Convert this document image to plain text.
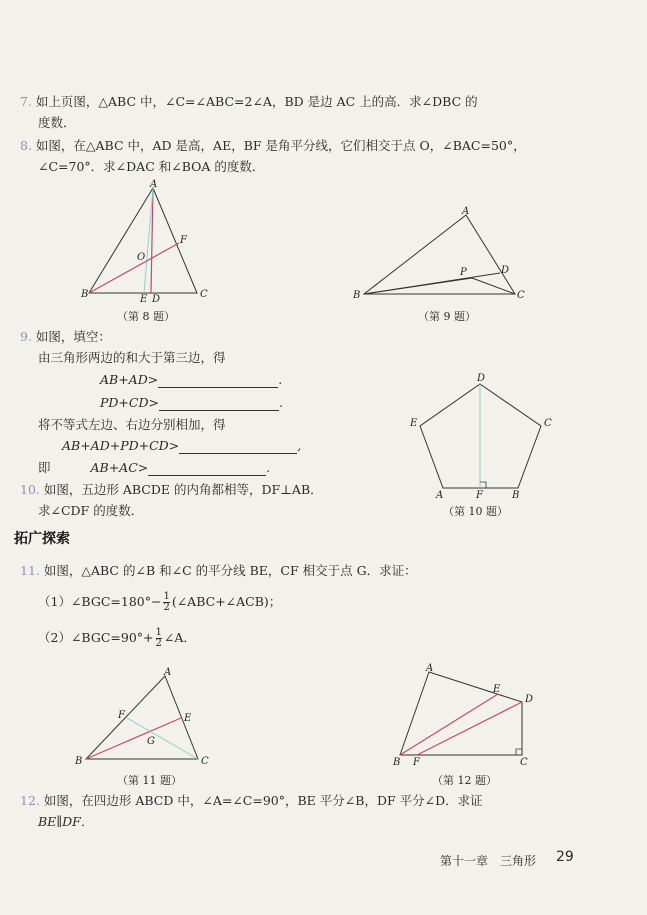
7. 如上页图，△ABC 中，∠C=∠ABC=2∠A，BD 是边 AC 上的高．求∠DBC 的
度数．
8. 如图，在△ABC 中，AD 是高，AE，BF 是角平分线，它们相交于点 O，∠BAC=50°，
∠C=70°．求∠DAC 和∠BOA 的度数．
A
B	C
D
E
F
O
（第 8 题）
A
B	C
D
P
（第 9 题）
9. 如图，填空：
由三角形两边的和大于第三边，得
AB+AD>	.
PD+CD>	.
将不等式左边、右边分别相加，得
AB+AD+PD+CD>	,
即	AB+AC>	.
D
C
E
A	B
F
（第 10 题）
10. 如图，五边形 ABCDE 的内角都相等，DF⊥AB．
求∠CDF 的度数．
拓广探索
11. 如图，△ABC 的∠B 和∠C 的平分线 BE，CF 相交于点 G．求证：
（1）∠BGC=180°− $\frac{1}{2}$ (∠ABC+∠ACB)；
（2）∠BGC=90°+ $\frac{1}{2}$ ∠A．
A
B	C
E
F
G
（第 11 题）
A
B	C
D
E
F
（第 12 题）
12. 如图，在四边形 ABCD 中，∠A=∠C=90°，BE 平分∠B，DF 平分∠D．求证
BE∥DF．
第十一章　三角形 29
